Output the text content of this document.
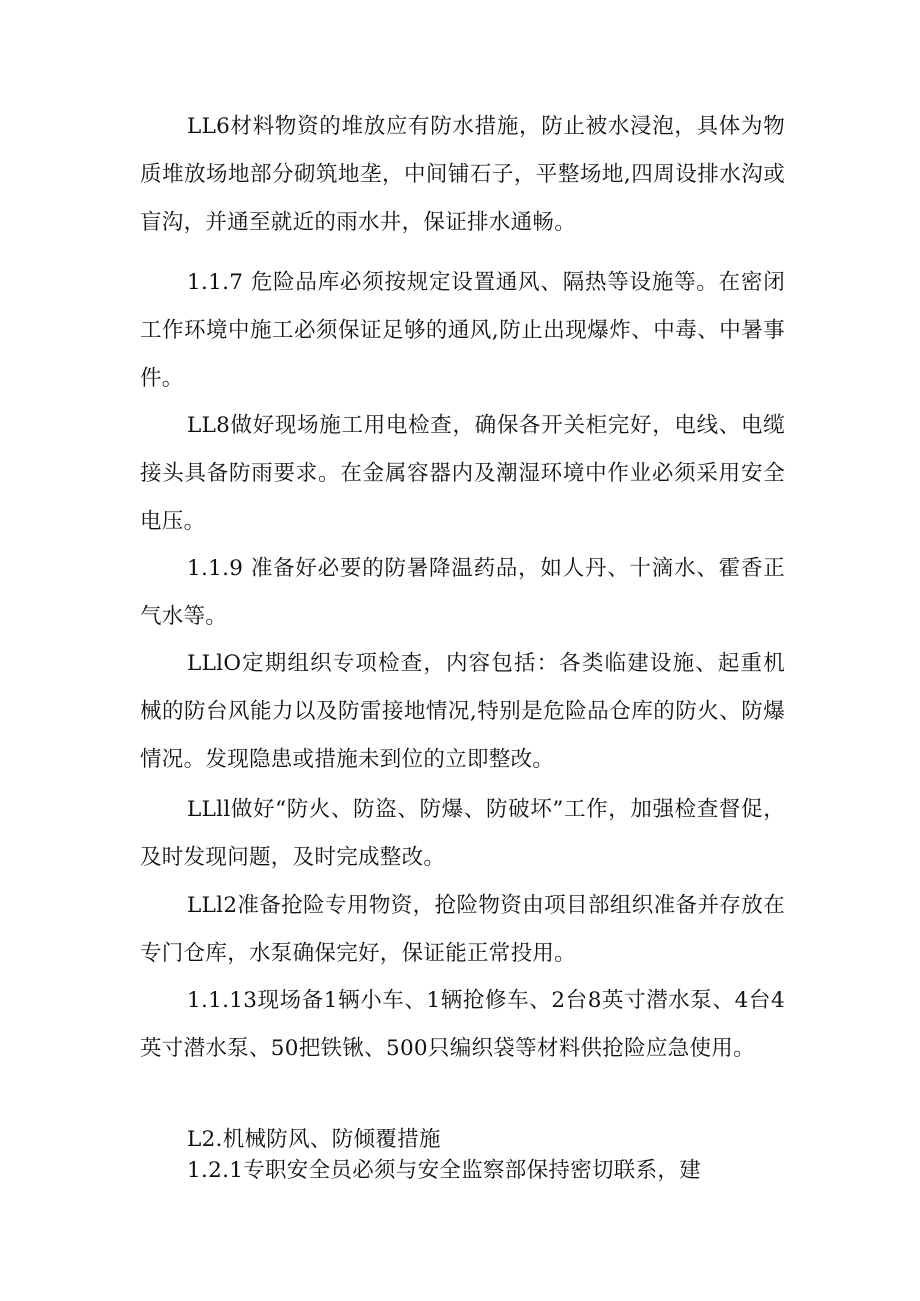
LL6材料物资的堆放应有防水措施，防止被水浸泡，具体为物质堆放场地部分砌筑地垄，中间铺石子，平整场地,四周设排水沟或盲沟，并通至就近的雨水井，保证排水通畅。

1.1.7 危险品库必须按规定设置通风、隔热等设施等。在密闭工作环境中施工必须保证足够的通风,防止出现爆炸、中毒、中暑事件。

LL8做好现场施工用电检查，确保各开关柜完好，电线、电缆接头具备防雨要求。在金属容器内及潮湿环境中作业必须采用安全电压。

1.1.9 准备好必要的防暑降温药品，如人丹、十滴水、霍香正气水等。

LLlO定期组织专项检查，内容包括：各类临建设施、起重机械的防台风能力以及防雷接地情况,特别是危险品仓库的防火、防爆情况。发现隐患或措施未到位的立即整改。

LLll做好“防火、防盗、防爆、防破坏”工作，加强检查督促，及时发现问题，及时完成整改。

LLl2准备抢险专用物资，抢险物资由项目部组织准备并存放在专门仓库，水泵确保完好，保证能正常投用。

1.1.13现场备1辆小车、1辆抢修车、2台8英寸潜水泵、4台4英寸潜水泵、50把铁锹、500只编织袋等材料供抢险应急使用。

L2.机械防风、防倾覆措施

1.2.1专职安全员必须与安全监察部保持密切联系，建
